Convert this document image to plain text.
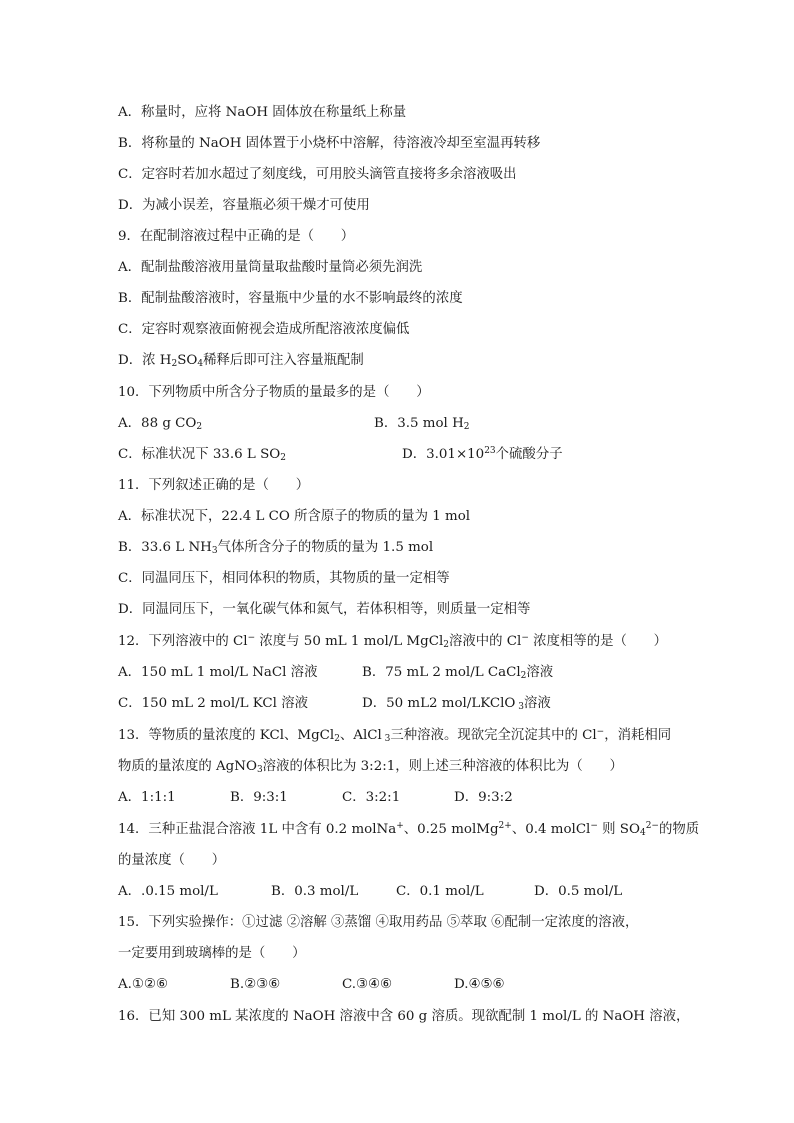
A．称量时，应将 NaOH 固体放在称量纸上称量
B．将称量的 NaOH 固体置于小烧杯中溶解，待溶液冷却至室温再转移
C．定容时若加水超过了刻度线，可用胶头滴管直接将多余溶液吸出
D．为减小误差，容量瓶必须干燥才可使用
9．在配制溶液过程中正确的是（　　）
A．配制盐酸溶液用量筒量取盐酸时量筒必须先润洗
B．配制盐酸溶液时，容量瓶中少量的水不影响最终的浓度
C．定容时观察液面俯视会造成所配溶液浓度偏低
D．浓 $H_2SO_4$稀释后即可注入容量瓶配制
10．下列物质中所含分子物质的量最多的是（　　）
A．88 g $CO_2$	B．3.5 mol $H_2$
C．标准状况下 33.6 L $SO_2$	D．$3.01\times 10^{23}$个硫酸分子
11．下列叙述正确的是（　　）
A．标准状况下，22.4 L CO 所含原子的物质的量为 1 mol
B．33.6 L $NH_3$气体所含分子的物质的量为 1.5 mol
C．同温同压下，相同体积的物质，其物质的量一定相等
D．同温同压下，一氧化碳气体和氮气，若体积相等，则质量一定相等
12．下列溶液中的 Cl− 浓度与 50 mL 1 mol/L MgCl$_2$溶液中的 Cl− 浓度相等的是（　　）
A．150 mL 1 mol/L NaCl 溶液	B．75 mL 2 mol/L CaCl$_2$溶液
C．150 mL 2 mol/L KCl 溶液	D．50 mL2 mol/LKClO $_3$溶液
13．等物质的量浓度的 KCl、MgCl$_2$、AlCl $_3$三种溶液。现欲完全沉淀其中的 Cl−，消耗相同
物质的量浓度的 AgNO$_3$溶液的体积比为 3:2:1，则上述三种溶液的体积比为（　　）
A．1:1:1	B．9:3:1	C．3:2:1	D．9:3:2
14．三种正盐混合溶液 1L 中含有 0.2 molNa+、0.25 molMg$^{2+}$、0.4 molCl− 则 $SO_4^{2-}$的物质
的量浓度（　　）
A．.0.15 mol/L	B．0.3 mol/L	C．0.1 mol/L	D．0.5 mol/L
15．下列实验操作：①过滤 ②溶解 ③蒸馏 ④取用药品 ⑤萃取 ⑥配制一定浓度的溶液，
一定要用到玻璃棒的是（　　）
A.①②⑥	B.②③⑥	C.③④⑥	D.④⑤⑥
16．已知 300 mL 某浓度的 NaOH 溶液中含 60 g 溶质。现欲配制 1 mol/L 的 NaOH 溶液，
